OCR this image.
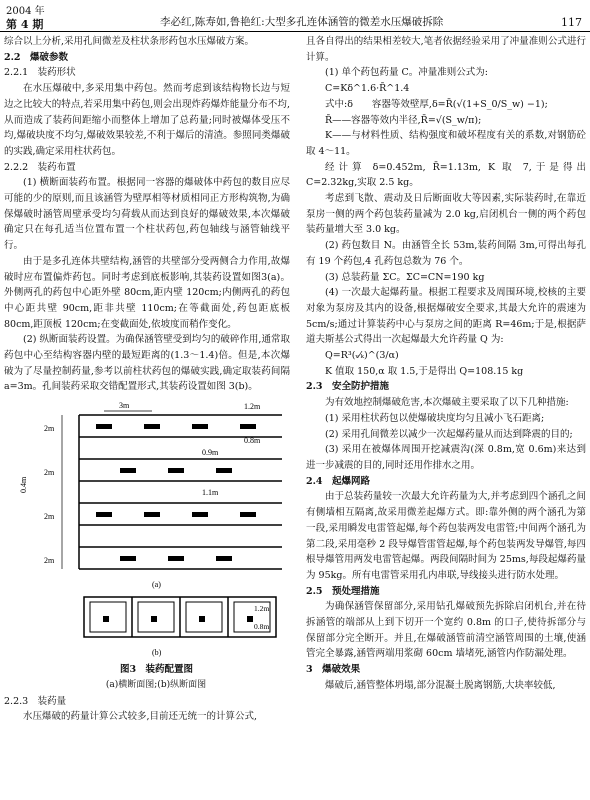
2004 年
第 4 期	李必红,陈寿如,鲁艳红:大型多孔连体涵管的微差水压爆破拆除	117

综合以上分析,采用孔间微差及柱状条形药包水压爆破方案。

2.2　爆破参数

2.2.1　装药形状

在水压爆破中,多采用集中药包。然而考虑到该结构物长边与短边之比较大的特点,若采用集中药包,则会出现炸药爆炸能量分布不均,从而造成了装药间距缩小而整体上增加了总药量;同时被爆体受压不均,爆破块度不均匀,爆破效果较差,不利于爆后的清渣。参照同类爆破的实践,确定采用柱状药包。

2.2.2　装药布置

(1) 横断面装药布置。根据同一容器的爆破体中药包的数目应尽可能的少的原则,而且该涵管为壁厚相等材质相同正方形构筑物,为确保爆破时涵管周壁承受均匀荷载从而达到良好的爆破效果,本次爆破确定只在每孔适当位置布置一个柱状药包,药包轴线与涵管轴线平行。

由于是多孔连体共壁结构,涵管的共壁部分受两侧合力作用,故爆破时应布置偏炸药包。同时考虑到底板影响,其装药设置如图3(a)。外侧两孔的药包中心距外壁 80cm,距内壁 120cm;内侧两孔的药包中心距共壁 90cm,距非共壁 110cm;在等截面处,药包距底板 80cm,距顶板 120cm;在变截面处,依坡度而稍作变化。

(2) 纵断面装药设置。为确保涵管壁受到均匀的破碎作用,通常取药包中心至结构容器内壁的最短距离的(1.3～1.4)倍。但是,本次爆破为了尽量控制药量,参考以前柱状药包的爆破实践,确定取装药间隔 a=3m。孔间装药采取交错配置形式,其装药设置如图 3(b)。

3m
2m
2m
2m
2m
0.4m
1.2m
0.8m
0.9m
1.1m
(a)
1.2m
0.8m
(b)

图3　装药配置图

(a)横断面图;(b)纵断面图

2.2.3　装药量

水压爆破的药量计算公式较多,目前还无统一的计算公式,

且各自得出的结果相差较大,笔者依据经验采用了冲量准则公式进行计算。

(1) 单个药包药量 C。冲量准则公式为:

C=Kδ^1.6·R̄^1.4

式中:δ　　容器等效壁厚,δ=R̄(√(1+S_0/S_w) −1);

R̄——容器等效内半径,R̄=√(S_w/π);

K——与材料性质、结构强度和破坏程度有关的系数,对钢筋砼取 4～11。

经计算 δ=0.452m, R̄=1.13m, K 取 7,于是得出 C=2.32kg,实取 2.5 kg。

考虑到飞散、震动及日后断面收大等因素,实际装药时,在靠近泵房一侧的两个药包装药量减为 2.0 kg,启闭机台一侧的两个药包装药量增大至 3.0 kg。

(2) 药包数目 N。由涵管全长 53m,装药间隔 3m,可得出每孔有 19 个药包,4 孔药包总数为 76 个。

(3) 总装药量 ΣC。ΣC=CN=190 kg

(4) 一次最大起爆药量。根据工程要求及周围环境,校核的主要对象为泵房及其内的设备,根据爆破安全要求,其最大允许的震速为 5cm/s;通过计算装药中心与泵房之间的距离 R=46m;于是,根据萨道夫斯基公式得出一次起爆最大允许药量 Q 为:

Q=R³(ᵥ⁄ₖ)^(3/α)

K 值取 150,α 取 1.5,于是得出 Q=108.15 kg

2.3　安全防护措施

为有效地控制爆破危害,本次爆破主要采取了以下几种措施:

(1) 采用柱状药包以使爆破块度均匀且减小飞石距离;

(2) 采用孔间微差以减少一次起爆药量从而达到降震的目的;

(3) 采用在被爆体周围开挖减震沟(深 0.8m,宽 0.6m)来达到进一步减震的目的,同时还用作排水之用。

2.4　起爆网路

由于总装药量较一次最大允许药量为大,并考虑到四个涵孔之间有侧墙相互隔离,故采用微差起爆方式。即:靠外侧的两个涵孔为第一段,采用瞬发电雷管起爆,每个药包装两发电雷管;中间两个涵孔为第二段,采用毫秒 2 段导爆管雷管起爆,每个药包装两发导爆管,每四根导爆管用两发电雷管起爆。两段间隔时间为 25ms,每段起爆药量为 95kg。所有电雷管采用孔内串联,导线接头进行防水处理。

2.5　预处理措施

为确保涵管保留部分,采用钻孔爆破预先拆除启闭机台,并在待拆涵管的端部从上到下切开一个宽约 0.8m 的口子,使待拆部分与保留部分完全断开。并且,在爆破涵管前清空涵管周围的土壤,使涵管完全暴露,涵管两端用浆砌 60cm 墙堵死,涵管内作防漏处理。

3　爆破效果

爆破后,涵管整体坍塌,部分混凝土脱离钢筋,大块率较低,
